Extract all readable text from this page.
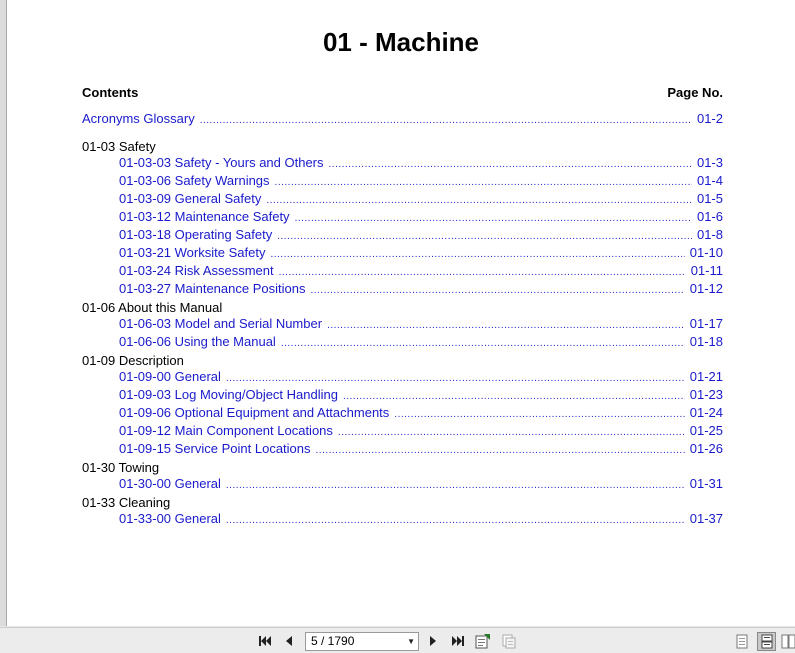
01 - Machine
Contents	Page No.
Acronyms Glossary .....	01-2
01-03 Safety
01-03-03 Safety - Yours and Others .....	01-3
01-03-06 Safety Warnings .....	01-4
01-03-09 General Safety .....	01-5
01-03-12 Maintenance Safety .....	01-6
01-03-18 Operating Safety .....	01-8
01-03-21 Worksite Safety .....	01-10
01-03-24 Risk Assessment .....	01-11
01-03-27 Maintenance Positions .....	01-12
01-06 About this Manual
01-06-03 Model and Serial Number .....	01-17
01-06-06 Using the Manual .....	01-18
01-09 Description
01-09-00 General .....	01-21
01-09-03 Log Moving/Object Handling .....	01-23
01-09-06 Optional Equipment and Attachments .....	01-24
01-09-12 Main Component Locations .....	01-25
01-09-15 Service Point Locations .....	01-26
01-30 Towing
01-30-00 General .....	01-31
01-33 Cleaning
01-33-00 General .....	01-37
5 / 1790	▼
